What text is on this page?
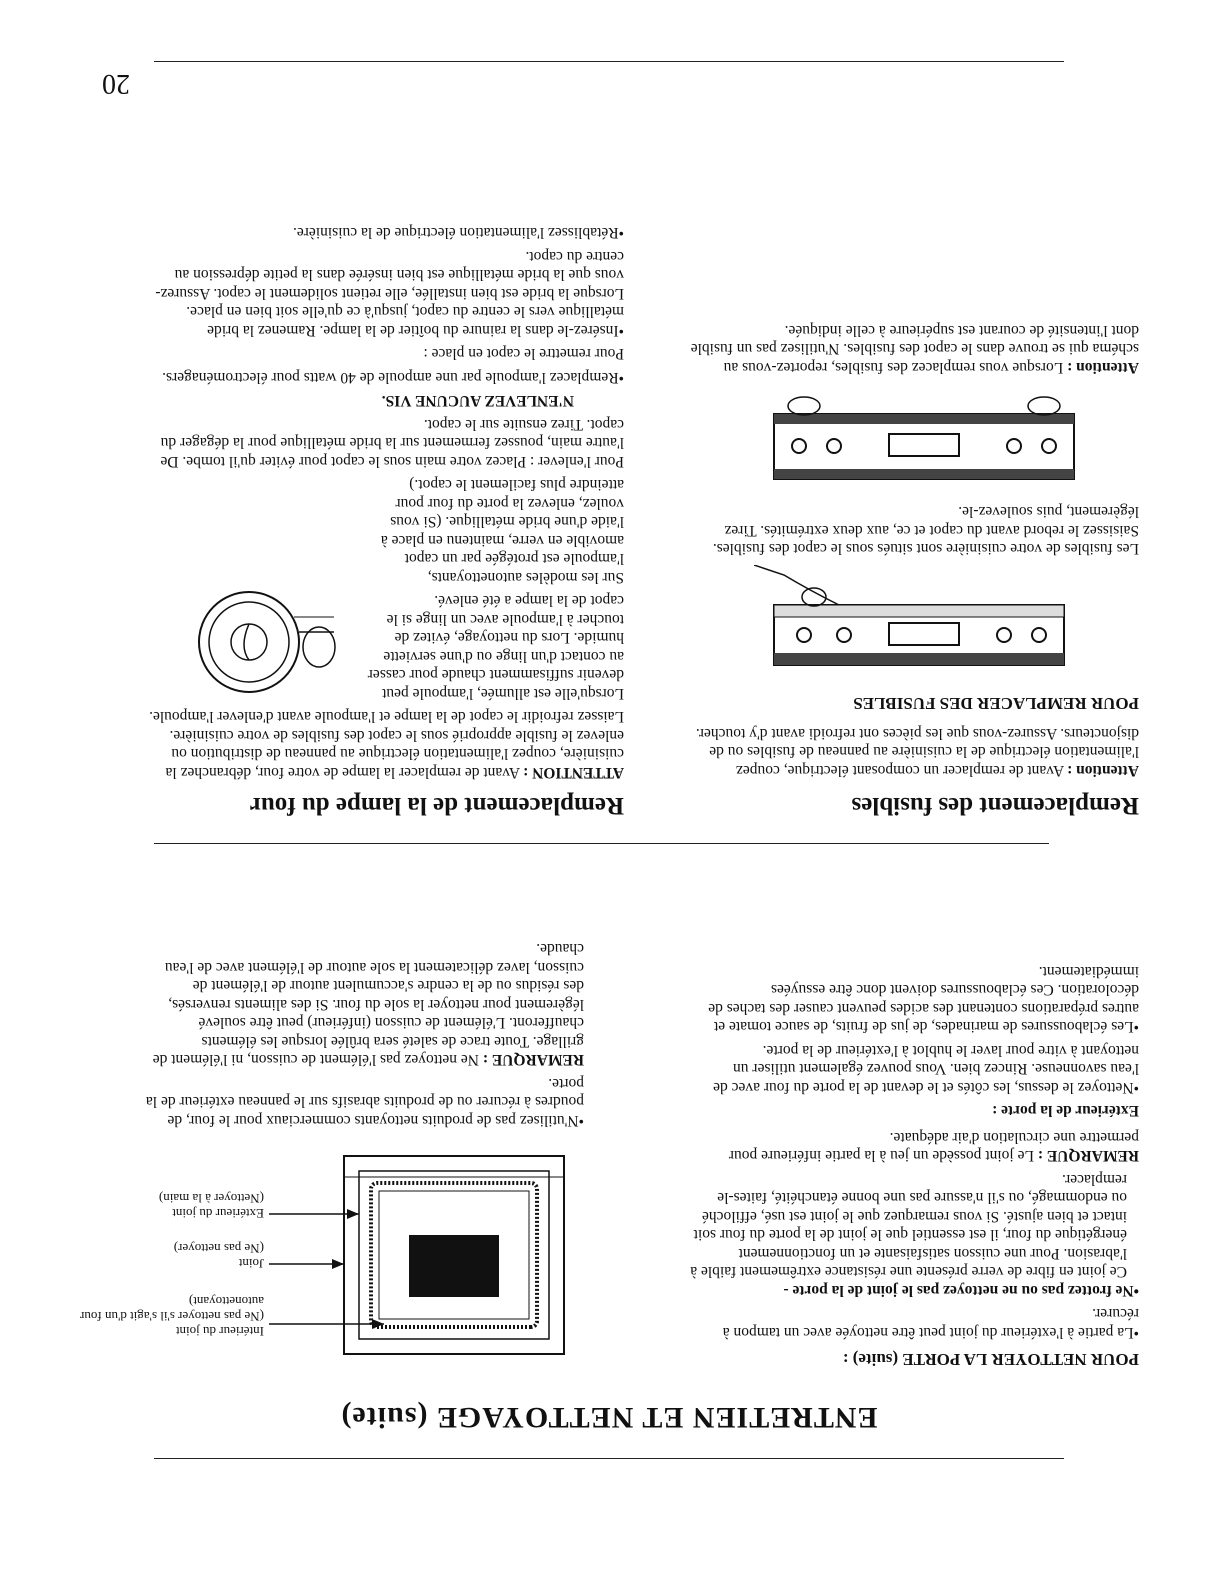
ENTRETIEN ET NETTOYAGE (suite)
POUR NETTOYER LA PORTE (suite) :

• La partie à l'extérieur du joint peut être nettoyée avec un tampon à récurer.

• Ne frottez pas ou ne nettoyez pas le joint de la porte -

Ce joint en fibre de verre présente une résistance extrêmement faible à l'abrasion. Pour une cuisson satisfaisante et un fonctionnement énergétique du four, il est essentiel que le joint de la porte du four soit intact et bien ajusté. Si vous remarquez que le joint est usé, effiloché ou endommagé, ou s'il n'assure pas une bonne étanchéité, faites-le remplacer.

REMARQUE : Le joint possède un jeu à la partie inférieure pour permettre une circulation d'air adéquate.

Extérieur de la porte :

• Nettoyez le dessus, les côtés et le devant de la porte du four avec de l'eau savonneuse. Rincez bien. Vous pouvez également utiliser un nettoyant à vitre pour laver le hublot à l'extérieur de la porte.

• Les éclaboussures de marinades, de jus de fruits, de sauce tomate et autres préparations contenant des acides peuvent causer des taches de décoloration. Ces éclaboussures doivent donc être essuyées immédiatement.

Intérieur du joint
(Ne pas nettoyer s'il s'agit d'un four autonettoyant)
Joint
(Ne pas nettoyer)
Extérieur du joint
(Nettoyer à la main)

• N'utilisez pas de produits nettoyants commerciaux pour le four, de poudres à récurer ou de produits abrasifs sur le panneau extérieur de la porte.

REMARQUE : Ne nettoyez pas l'élément de cuisson, ni l'élément de grillage. Toute trace de saleté sera brûlée lorsque les éléments chaufferont. L'élément de cuisson (inférieur) peut être soulevé légèrement pour nettoyer la sole du four. Si des aliments renversés, des résidus ou de la cendre s'accumulent autour de l'élément de cuisson, lavez délicatement la sole autour de l'élément avec de l'eau chaude.

Remplacement des fusibles

Attention : Avant de remplacer un composant électrique, coupez l'alimentation électrique de la cuisinière au panneau de fusibles ou de disjoncteurs. Assurez-vous que les pièces ont refroidi avant d'y toucher.

POUR REMPLACER DES FUSIBLES

Les fusibles de votre cuisinière sont situés sous le capot des fusibles. Saisissez le rebord avant du capot et ce, aux deux extrémités. Tirez légèrement, puis soulevez-le.

Attention : Lorsque vous remplacez des fusibles, reportez-vous au schéma qui se trouve dans le capot des fusibles. N'utilisez pas un fusible dont l'intensité de courant est supérieure à celle indiquée.

Remplacement de la lampe du four

ATTENTION : Avant de remplacer la lampe de votre four, débranchez la cuisinière, coupez l'alimentation électrique au panneau de distribution ou enlevez le fusible approprié sous le capot des fusibles de votre cuisinière. Laissez refroidir le capot de la lampe et l'ampoule avant d'enlever l'ampoule.

Lorsqu'elle est allumée, l'ampoule peut devenir suffisamment chaude pour casser au contact d'un linge ou d'une serviette humide. Lors du nettoyage, évitez de toucher à l'ampoule avec un linge si le capot de la lampe a été enlevé.

Sur les modèles autonettoyants, l'ampoule est protégée par un capot amovible en verre, maintenu en place à l'aide d'une bride métallique. (Si vous voulez, enlevez la porte du four pour atteindre plus facilement le capot.)

Pour l'enlever : Placez votre main sous le capot pour éviter qu'il tombe. De l'autre main, poussez fermement sur la bride métallique pour la dégager du capot. Tirez ensuite sur le capot.

N'ENLEVEZ AUCUNE VIS.

• Remplacez l'ampoule par une ampoule de 40 watts pour électroménagers.

Pour remettre le capot en place :

• Insérez-le dans la rainure du boîtier de la lampe. Ramenez la bride métallique vers le centre du capot, jusqu'à ce qu'elle soit bien en place. Lorsque la bride est bien installée, elle retient solidement le capot. Assurez-vous que la bride métallique est bien insérée dans la petite dépression au centre du capot.

• Rétablissez l'alimentation électrique de la cuisinière.

20
